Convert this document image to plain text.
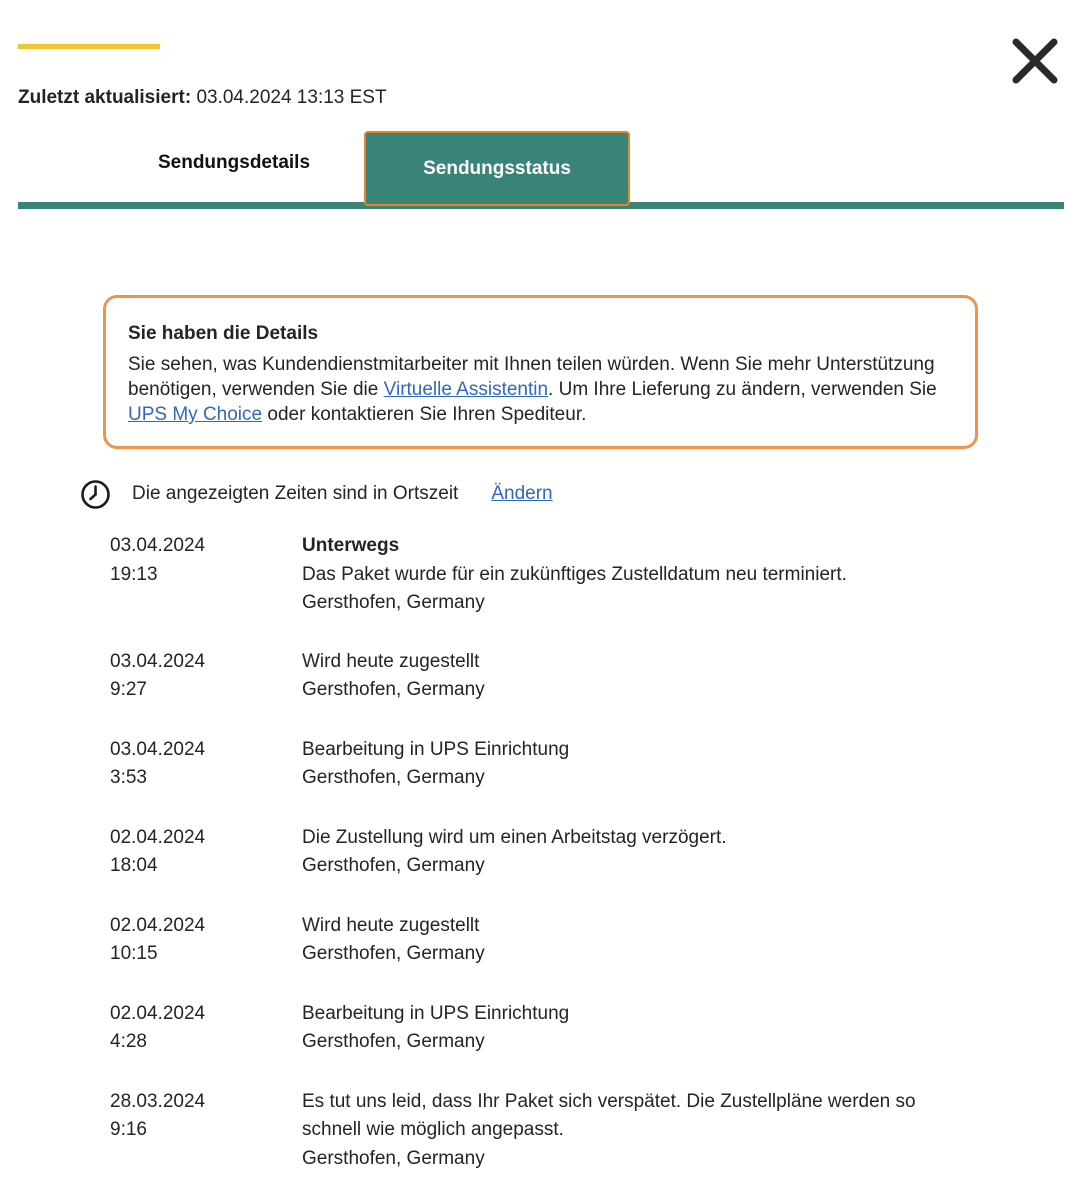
Zuletzt aktualisiert: 03.04.2024 13:13 EST
Sendungsdetails	Sendungsstatus
Sie haben die Details
Sie sehen, was Kundendienstmitarbeiter mit Ihnen teilen würden. Wenn Sie mehr Unterstützung benötigen, verwenden Sie die Virtuelle Assistentin. Um Ihre Lieferung zu ändern, verwenden Sie UPS My Choice oder kontaktieren Sie Ihren Spediteur.
Die angezeigten Zeiten sind in Ortszeit Ändern
03.04.2024
19:13
Unterwegs
Das Paket wurde für ein zukünftiges Zustelldatum neu terminiert.
Gersthofen, Germany
03.04.2024
9:27
Wird heute zugestellt
Gersthofen, Germany
03.04.2024
3:53
Bearbeitung in UPS Einrichtung
Gersthofen, Germany
02.04.2024
18:04
Die Zustellung wird um einen Arbeitstag verzögert.
Gersthofen, Germany
02.04.2024
10:15
Wird heute zugestellt
Gersthofen, Germany
02.04.2024
4:28
Bearbeitung in UPS Einrichtung
Gersthofen, Germany
28.03.2024
9:16
Es tut uns leid, dass Ihr Paket sich verspätet. Die Zustellpläne werden so schnell wie möglich angepasst.
Gersthofen, Germany
